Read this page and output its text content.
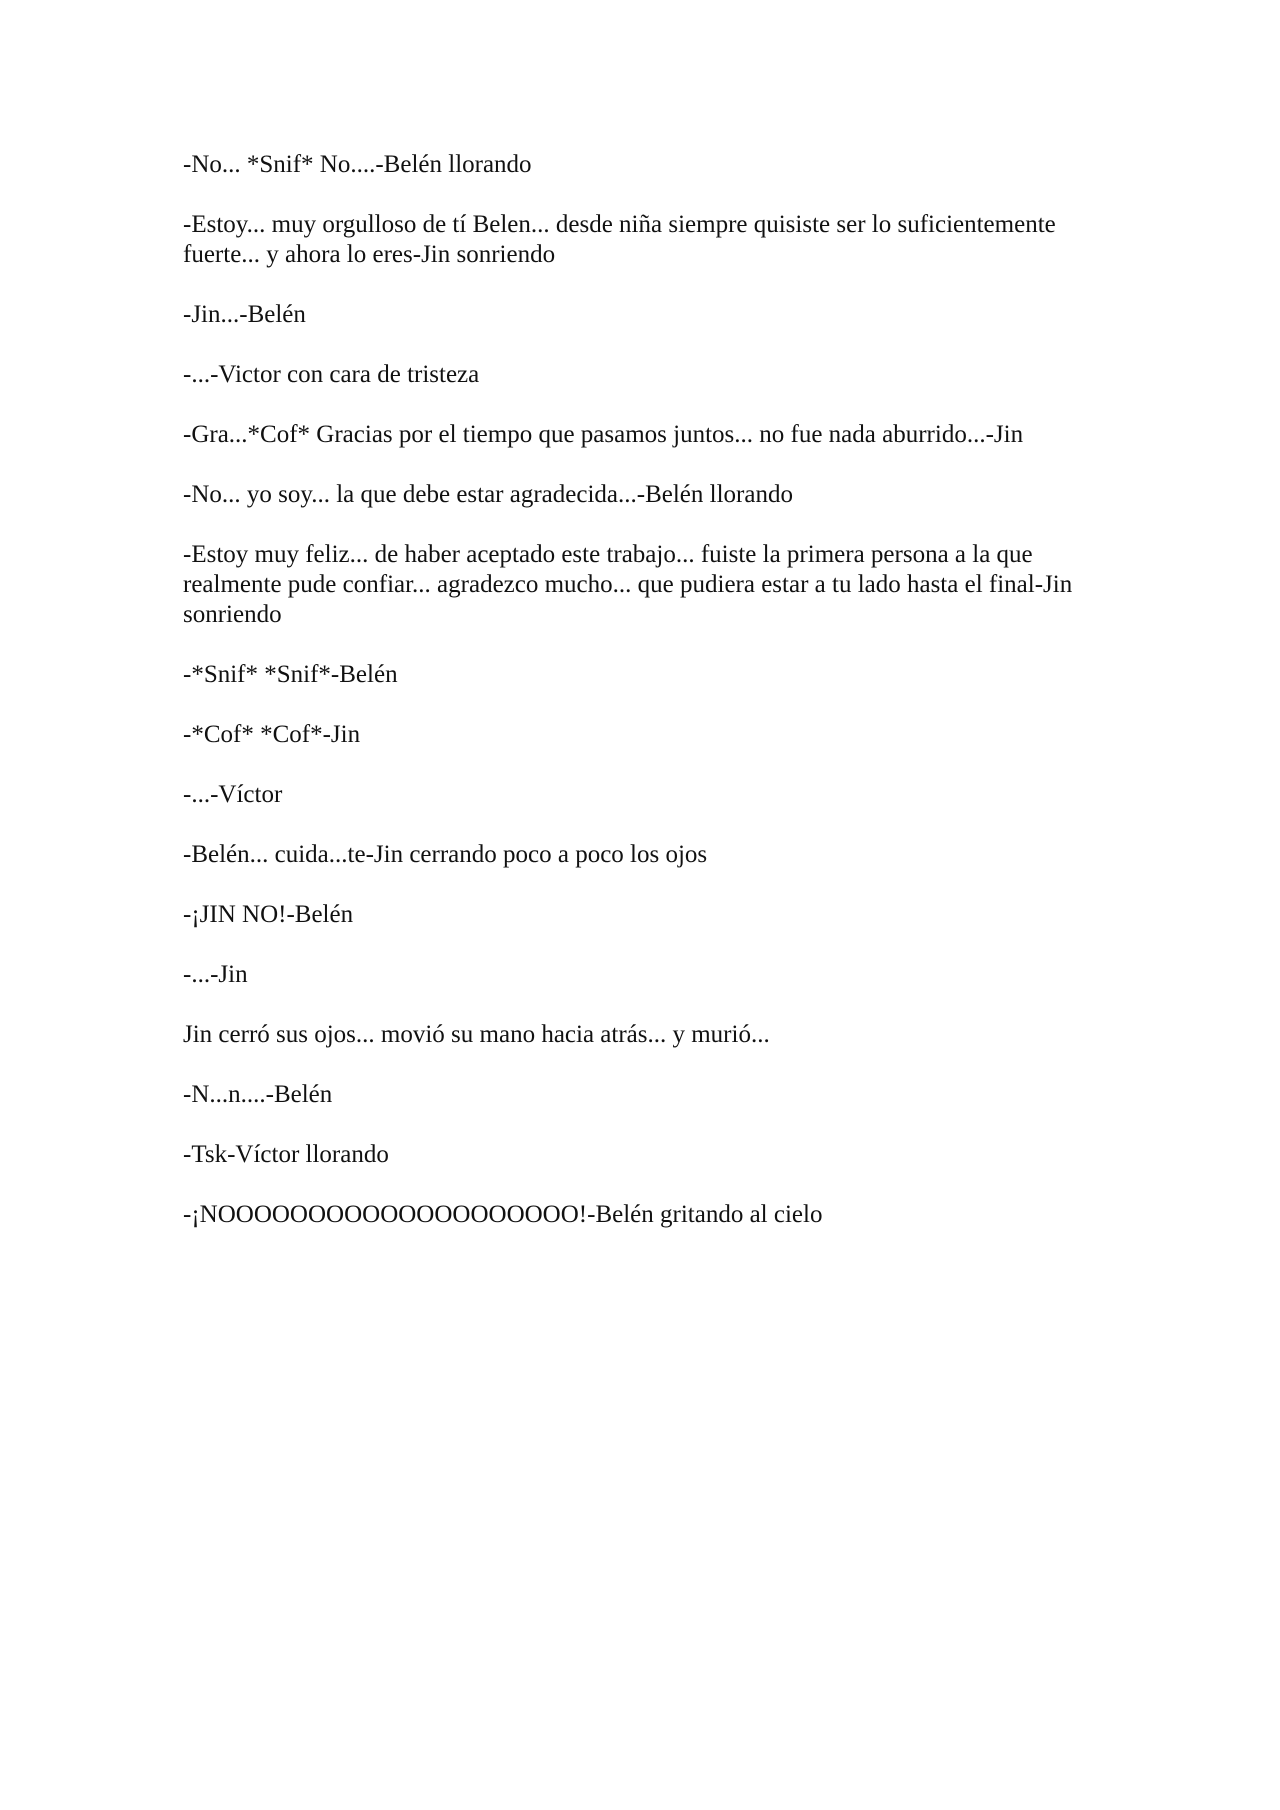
-No... *Snif* No....-Belén llorando

-Estoy... muy orgulloso de tí Belen... desde niña siempre quisiste ser lo suficientemente fuerte... y ahora lo eres-Jin sonriendo

-Jin...-Belén

-...-Victor con cara de tristeza

-Gra...*Cof* Gracias por el tiempo que pasamos juntos... no fue nada aburrido...-Jin

-No... yo soy... la que debe estar agradecida...-Belén llorando

-Estoy muy feliz... de haber aceptado este trabajo... fuiste la primera persona a la que realmente pude confiar... agradezco mucho... que pudiera estar a tu lado hasta el final-Jin sonriendo

-*Snif* *Snif*-Belén

-*Cof* *Cof*-Jin

-...-Víctor

-Belén... cuida...te-Jin cerrando poco a poco los ojos

-¡JIN NO!-Belén

-...-Jin

Jin cerró sus ojos... movió su mano hacia atrás... y murió...

-N...n....-Belén

-Tsk-Víctor llorando

-¡NOOOOOOOOOOOOOOOOOOOO!-Belén gritando al cielo
